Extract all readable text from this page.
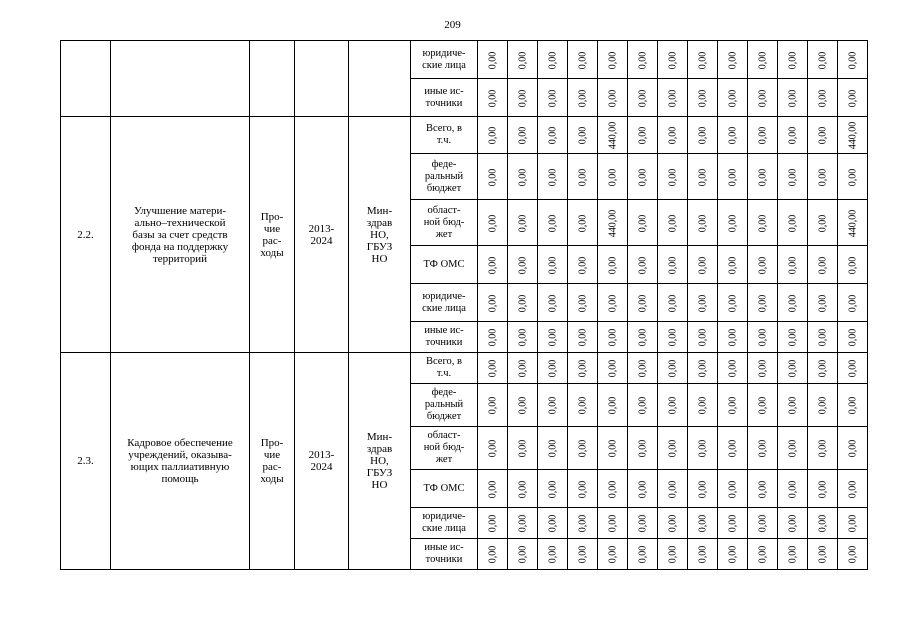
209
					юридиче-
ские лица	0,00	0,00	0,00	0,00	0,00	0,00	0,00	0,00	0,00	0,00	0,00	0,00	0,00
					иные ис-
точники	0,00	0,00	0,00	0,00	0,00	0,00	0,00	0,00	0,00	0,00	0,00	0,00	0,00
2.2.	Улучшение матери-
ально–технической
базы за счет средств
фонда на поддержку
территорий	Про-
чие
рас-
ходы	2013-
2024	Мин-
здрав
НО,
ГБУЗ
НО	Всего, в
т.ч.	0,00	0,00	0,00	0,00	440,00	0,00	0,00	0,00	0,00	0,00	0,00	0,00	440,00
					феде-
ральный
бюджет	0,00	0,00	0,00	0,00	0,00	0,00	0,00	0,00	0,00	0,00	0,00	0,00	0,00
					област-
ной бюд-
жет	0,00	0,00	0,00	0,00	440,00	0,00	0,00	0,00	0,00	0,00	0,00	0,00	440,00
					ТФ ОМС	0,00	0,00	0,00	0,00	0,00	0,00	0,00	0,00	0,00	0,00	0,00	0,00	0,00
					юридиче-
ские лица	0,00	0,00	0,00	0,00	0,00	0,00	0,00	0,00	0,00	0,00	0,00	0,00	0,00
					иные ис-
точники	0,00	0,00	0,00	0,00	0,00	0,00	0,00	0,00	0,00	0,00	0,00	0,00	0,00
2.3.	Кадровое обеспечение
учреждений, оказыва-
ющих паллиативную
помощь	Про-
чие
рас-
ходы	2013-
2024	Мин-
здрав
НО,
ГБУЗ
НО	Всего, в
т.ч.	0,00	0,00	0,00	0,00	0,00	0,00	0,00	0,00	0,00	0,00	0,00	0,00	0,00
					феде-
ральный
бюджет	0,00	0,00	0,00	0,00	0,00	0,00	0,00	0,00	0,00	0,00	0,00	0,00	0,00
					област-
ной бюд-
жет	0,00	0,00	0,00	0,00	0,00	0,00	0,00	0,00	0,00	0,00	0,00	0,00	0,00
					ТФ ОМС	0,00	0,00	0,00	0,00	0,00	0,00	0,00	0,00	0,00	0,00	0,00	0,00	0,00
					юридиче-
ские лица	0,00	0,00	0,00	0,00	0,00	0,00	0,00	0,00	0,00	0,00	0,00	0,00	0,00
					иные ис-
точники	0,00	0,00	0,00	0,00	0,00	0,00	0,00	0,00	0,00	0,00	0,00	0,00	0,00
